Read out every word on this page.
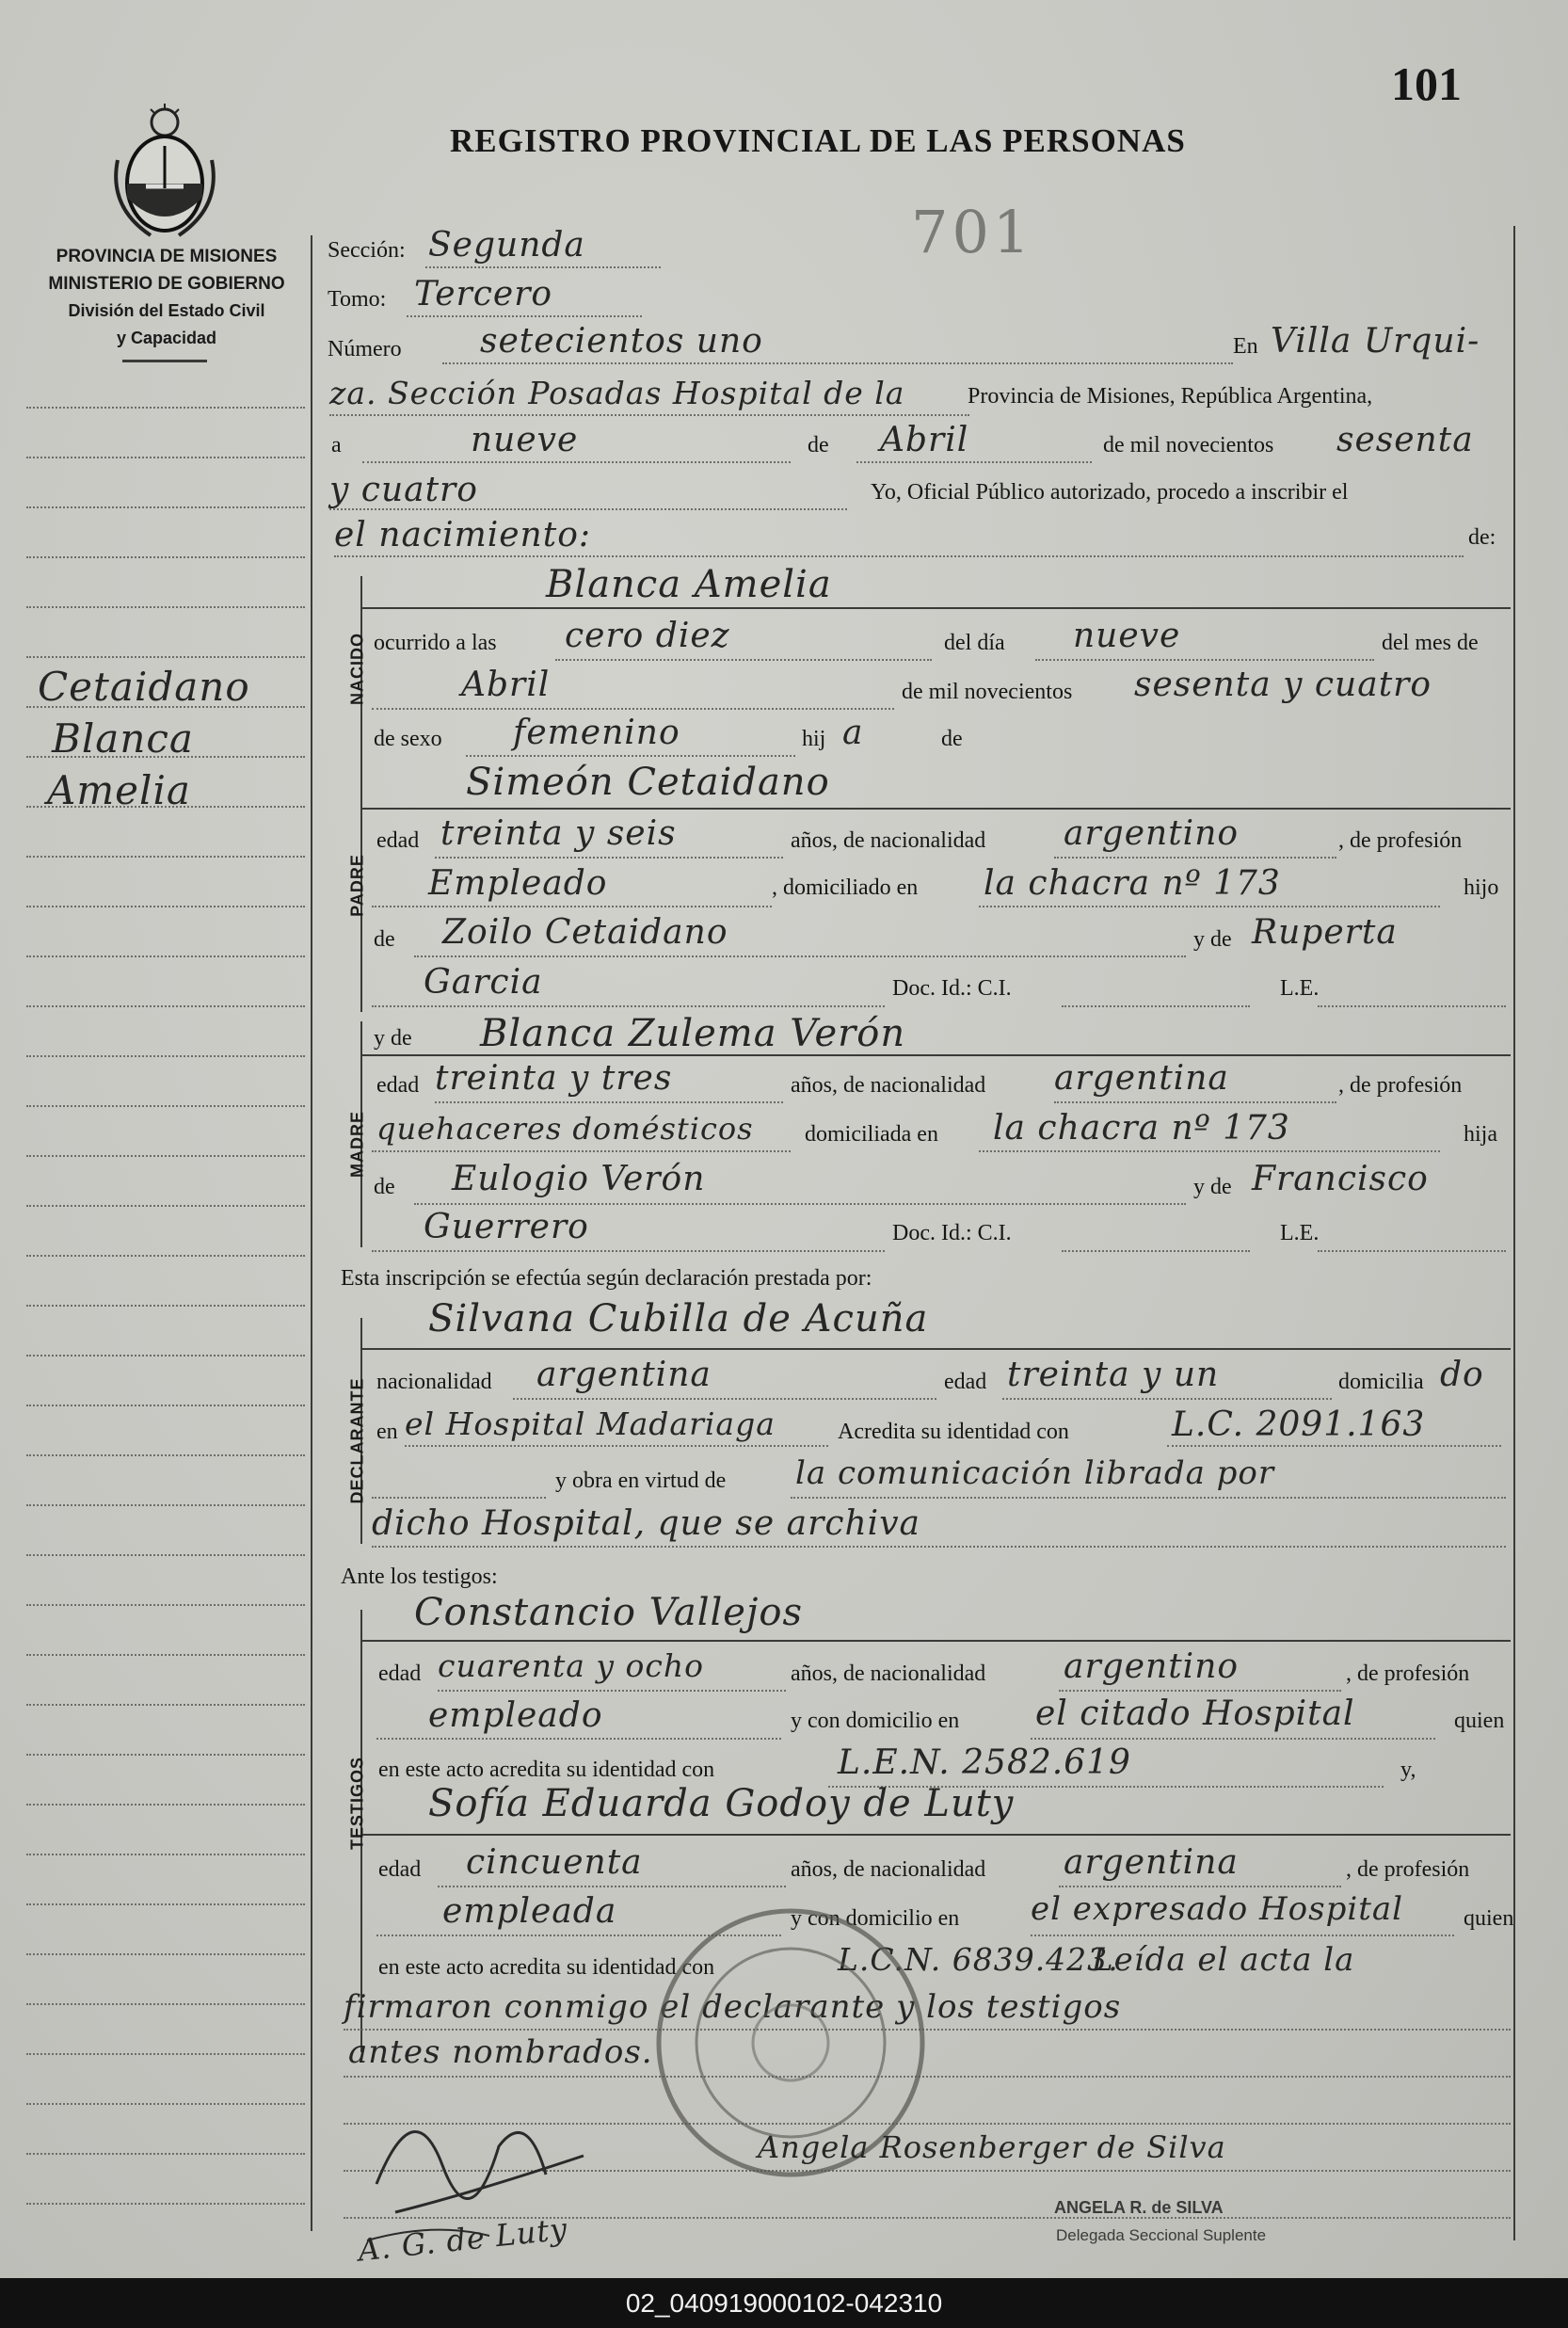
101
REGISTRO PROVINCIAL DE LAS PERSONAS
701
PROVINCIA DE MISIONES
MINISTERIO DE GOBIERNO
División del Estado Civil
y Capacidad
Cetaidano
Blanca
Amelia
Sección: Segunda
Tomo: Tercero
Número setecientos uno	En Villa Urqui-
za. Sección Posadas Hospital de la	Provincia de Misiones, República Argentina,
a	nueve	de Abril	de mil novecientos sesenta
y cuatro	Yo, Oficial Público autorizado, procedo a inscribir el
el nacimiento:	de:
NACIDO
Blanca Amelia
ocurrido a las cero diez	del día nueve	del mes de
Abril	de mil novecientos sesenta y cuatro
de sexo femenino	hij a	de
Simeón Cetaidano
PADRE
edad treinta y seis	años, de nacionalidad argentino	, de profesión
Empleado	, domiciliado en la chacra nº 173	hijo
de Zoilo Cetaidano	y de Ruperta
Garcia	Doc. Id.: C.I.	L.E.
y de Blanca Zulema Verón
MADRE
edad treinta y tres	años, de nacionalidad argentina	, de profesión
quehaceres domésticos domiciliada en la chacra nº 173	hija
de Eulogio Verón	y de Francisco
Guerrero	Doc. Id.: C.I.	L.E.
Esta inscripción se efectúa según declaración prestada por:
Silvana Cubilla de Acuña
DECLARANTE nacionalidad argentina	edad treinta y un	domicilia do
en el Hospital Madariaga	Acredita su identidad con	L.C. 2091.163
y obra en virtud de la comunicación librada por
dicho Hospital, que se archiva
Ante los testigos:
Constancio Vallejos
TESTIGOS
edad cuarenta y ocho	años, de nacionalidad argentino	, de profesión
empleado	y con domicilio en el citado Hospital	quien
en este acto acredita su identidad con	L.E.N. 2582.619	y,
Sofía Eduarda Godoy de Luty
edad cincuenta	años, de nacionalidad argentina	, de profesión
empleada	y con domicilio en el expresado Hospital	quien
en este acto acredita su identidad con	L.C.N. 6839.423.
Leída el acta la
firmaron conmigo el declarante y los testigos
antes nombrados.
Angela Rosenberger de Silva
A. G. de Luty
ANGELA R. de SILVA
Delegada Seccional Suplente
02_040919000102-042310
